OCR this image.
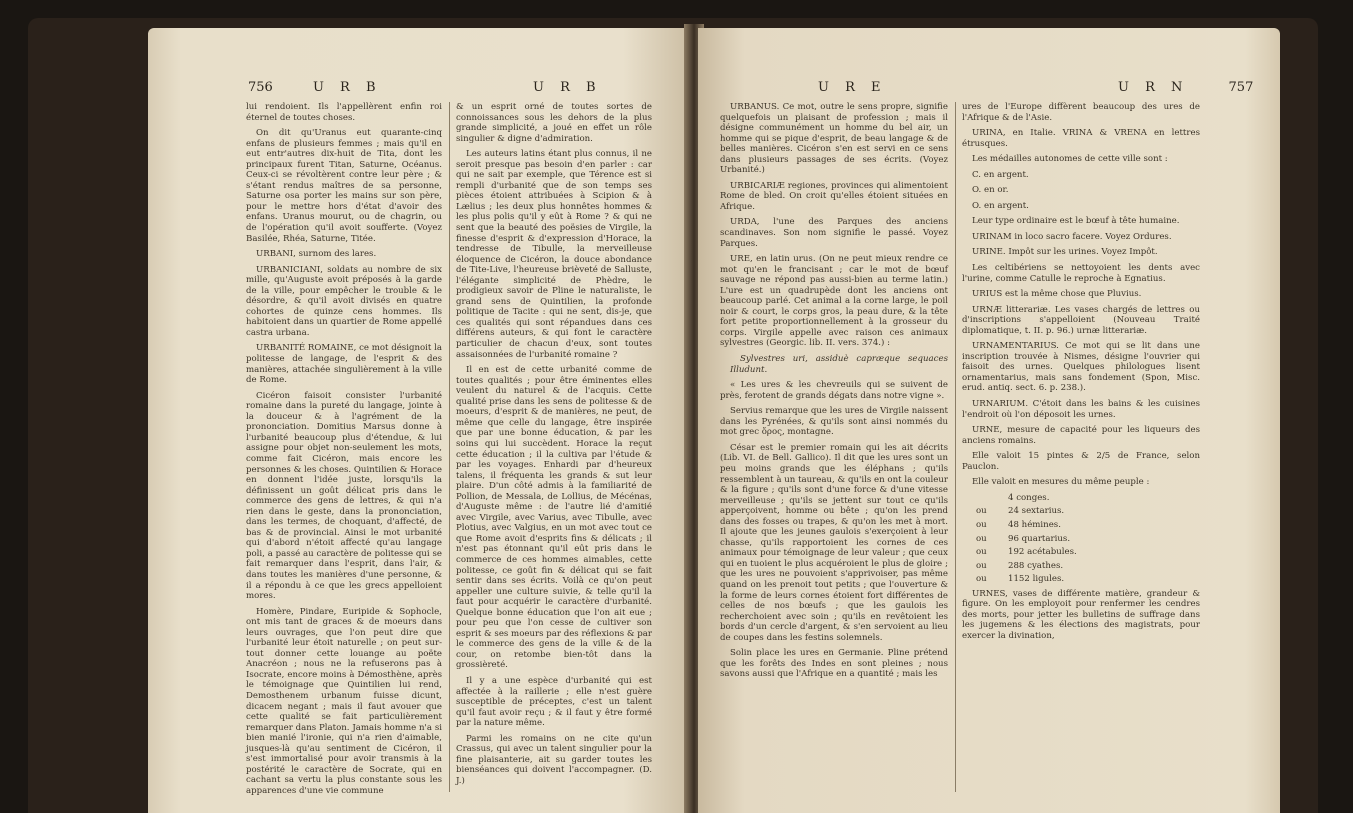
756	U R B	U R B

lui rendoient. Ils l'appellèrent enfin roi éternel de toutes choses.

On dit qu'Uranus eut quarante-cinq enfans de plusieurs femmes ; mais qu'il en eut entr'autres dix-huit de Tita, dont les principaux furent Titan, Saturne, Océanus. Ceux-ci se révoltèrent contre leur père ; & s'étant rendus maîtres de sa personne, Saturne osa porter les mains sur son père, pour le mettre hors d'état d'avoir des enfans. Uranus mourut, ou de chagrin, ou de l'opération qu'il avoit soufferte. (Voyez Basilée, Rhéa, Saturne, Titée.

URBANI, surnom des lares.

URBANICIANI, soldats au nombre de six mille, qu'Auguste avoit préposés à la garde de la ville, pour empêcher le trouble & le désordre, & qu'il avoit divisés en quatre cohortes de quinze cens hommes. Ils habitoient dans un quartier de Rome appellé castra urbana.

URBANITÉ ROMAINE, ce mot désignoit la politesse de langage, de l'esprit & des manières, attachée singulièrement à la ville de Rome.

Cicéron faisoit consister l'urbanité romaine dans la pureté du langage, jointe à la douceur & à l'agrément de la prononciation. Domitius Marsus donne à l'urbanité beaucoup plus d'étendue, & lui assigne pour objet non-seulement les mots, comme fait Cicéron, mais encore les personnes & les choses. Quintilien & Horace en donnent l'idée juste, lorsqu'ils la définissent un goût délicat pris dans le commerce des gens de lettres, & qui n'a rien dans le geste, dans la prononciation, dans les termes, de choquant, d'affecté, de bas & de provincial. Ainsi le mot urbanité qui d'abord n'étoit affecté qu'au langage poli, a passé au caractère de politesse qui se fait remarquer dans l'esprit, dans l'air, & dans toutes les manières d'une personne, & il a répondu à ce que les grecs appelloient mores.

Homère, Pindare, Euripide & Sophocle, ont mis tant de graces & de moeurs dans leurs ouvrages, que l'on peut dire que l'urbanité leur étoit naturelle ; on peut sur-tout donner cette louange au poëte Anacréon ; nous ne la refuserons pas à Isocrate, encore moins à Démosthène, après le témoignage que Quintilien lui rend, Demosthenem urbanum fuisse dicunt, dicacem negant ; mais il faut avouer que cette qualité se fait particulièrement remarquer dans Platon. Jamais homme n'a si bien manié l'ironie, qui n'a rien d'aimable, jusques-là qu'au sentiment de Cicéron, il s'est immortalisé pour avoir transmis à la postérité le caractère de Socrate, qui en cachant sa vertu la plus constante sous les apparences d'une vie commune

& un esprit orné de toutes sortes de connoissances sous les dehors de la plus grande simplicité, a joué en effet un rôle singulier & digne d'admiration.

Les auteurs latins étant plus connus, il ne seroit presque pas besoin d'en parler : car qui ne sait par exemple, que Térence est si rempli d'urbanité que de son temps ses pièces étoient attribuées à Scipion & à Lælius ; les deux plus honnêtes hommes & les plus polis qu'il y eût à Rome ? & qui ne sent que la beauté des poësies de Virgile, la finesse d'esprit & d'expression d'Horace, la tendresse de Tibulle, la merveilleuse éloquence de Cicéron, la douce abondance de Tite-Live, l'heureuse brièveté de Salluste, l'élégante simplicité de Phèdre, le prodigieux savoir de Pline le naturaliste, le grand sens de Quintilien, la profonde politique de Tacite : qui ne sent, dis-je, que ces qualités qui sont répandues dans ces différens auteurs, & qui font le caractère particulier de chacun d'eux, sont toutes assaisonnées de l'urbanité romaine ?

Il en est de cette urbanité comme de toutes qualités ; pour être éminentes elles veulent du naturel & de l'acquis. Cette qualité prise dans les sens de politesse & de moeurs, d'esprit & de manières, ne peut, de même que celle du langage, être inspirée que par une bonne éducation, & par les soins qui lui succèdent. Horace la reçut cette éducation ; il la cultiva par l'étude & par les voyages. Enhardi par d'heureux talens, il fréquenta les grands & sut leur plaire. D'un côté admis à la familiarité de Pollion, de Messala, de Lollius, de Mécénas, d'Auguste même : de l'autre lié d'amitié avec Virgile, avec Varius, avec Tibulle, avec Plotius, avec Valgius, en un mot avec tout ce que Rome avoit d'esprits fins & délicats ; il n'est pas étonnant qu'il eût pris dans le commerce de ces hommes aimables, cette politesse, ce goût fin & délicat qui se fait sentir dans ses écrits. Voilà ce qu'on peut appeller une culture suivie, & telle qu'il la faut pour acquérir le caractère d'urbanité. Quelque bonne éducation que l'on ait eue ; pour peu que l'on cesse de cultiver son esprit & ses moeurs par des réflexions & par le commerce des gens de la ville & de la cour, on retombe bien-tôt dans la grossièreté.

Il y a une espèce d'urbanité qui est affectée à la raillerie ; elle n'est guère susceptible de préceptes, c'est un talent qu'il faut avoir reçu ; & il faut y être formé par la nature même.

Parmi les romains on ne cite qu'un Crassus, qui avec un talent singulier pour la fine plaisanterie, ait su garder toutes les bienséances qui doivent l'accompagner. (D. J.)

U R E	U R N	757

URBANUS. Ce mot, outre le sens propre, signifie quelquefois un plaisant de profession ; mais il désigne communément un homme du bel air, un homme qui se pique d'esprit, de beau langage & de belles manières. Cicéron s'en est servi en ce sens dans plusieurs passages de ses écrits. (Voyez Urbanité.)

URBICARIÆ regiones, provinces qui alimentoient Rome de bled. On croit qu'elles étoient situées en Afrique.

URDA, l'une des Parques des anciens scandinaves. Son nom signifie le passé. Voyez Parques.

URE, en latin urus. (On ne peut mieux rendre ce mot qu'en le francisant ; car le mot de bœuf sauvage ne répond pas aussi-bien au terme latin.) L'ure est un quadrupède dont les anciens ont beaucoup parlé. Cet animal a la corne large, le poil noir & court, le corps gros, la peau dure, & la tête fort petite proportionnellement à la grosseur du corps. Virgile appelle avec raison ces animaux sylvestres (Georgic. lib. II. vers. 374.) :

Sylvestres uri, assiduè capræque sequaces Illudunt.

« Les ures & les chevreuils qui se suivent de près, ferotent de grands dégats dans notre vigne ».

Servius remarque que les ures de Virgile naissent dans les Pyrénées, & qu'ils sont ainsi nommés du mot grec ὄρος, montagne.

César est le premier romain qui les ait décrits (Lib. VI. de Bell. Gallico). Il dit que les ures sont un peu moins grands que les éléphans ; qu'ils ressemblent à un taureau, & qu'ils en ont la couleur & la figure ; qu'ils sont d'une force & d'une vitesse merveilleuse ; qu'ils se jettent sur tout ce qu'ils apperçoivent, homme ou bête ; qu'on les prend dans des fosses ou trapes, & qu'on les met à mort. Il ajoute que les jeunes gaulois s'exerçoient à leur chasse, qu'ils rapportoient les cornes de ces animaux pour témoignage de leur valeur ; que ceux qui en tuoient le plus acquéroient le plus de gloire ; que les ures ne pouvoient s'apprivoiser, pas même quand on les prenoit tout petits ; que l'ouverture & la forme de leurs cornes étoient fort différentes de celles de nos bœufs ; que les gaulois les recherchoient avec soin ; qu'ils en revêtoient les bords d'un cercle d'argent, & s'en servoient au lieu de coupes dans les festins solemnels.

Solin place les ures en Germanie. Pline prétend que les forêts des Indes en sont pleines ; nous savons aussi que l'Afrique en a quantité ; mais les

ures de l'Europe diffèrent beaucoup des ures de l'Afrique & de l'Asie.

URINA, en Italie. VRINA & VRENA en lettres étrusques.

Les médailles autonomes de cette ville sont :

C. en argent.

O. en or.

O. en argent.

Leur type ordinaire est le bœuf à tête humaine.

URINAM in loco sacro facere. Voyez Ordures.

URINE. Impôt sur les urines. Voyez Impôt.

Les celtibériens se nettoyoient les dents avec l'urine, comme Catulle le reproche à Egnatius.

URIUS est la même chose que Pluvius.

URNÆ litterariæ. Les vases chargés de lettres ou d'inscriptions s'appelloient (Nouveau Traité diplomatique, t. II. p. 96.) urnæ litterariæ.

URNAMENTARIUS. Ce mot qui se lit dans une inscription trouvée à Nismes, désigne l'ouvrier qui faisoit des urnes. Quelques philologues lisent ornamentarius, mais sans fondement (Spon, Misc. erud. antiq. sect. 6. p. 238.).

URNARIUM. C'étoit dans les bains & les cuisines l'endroit où l'on déposoit les urnes.

URNE, mesure de capacité pour les liqueurs des anciens romains.

Elle valoit 15 pintes & 2/5 de France, selon Pauclon.

Elle valoit en mesures du même peuple :

4 conges.
ou	24 sextarius.
ou	48 hémines.
ou	96 quartarius.
ou	192 acétabules.
ou	288 cyathes.
ou	1152 ligules.

URNES, vases de différente matière, grandeur & figure. On les employoit pour renfermer les cendres des morts, pour jetter les bulletins de suffrage dans les jugemens & les élections des magistrats, pour exercer la divination,
